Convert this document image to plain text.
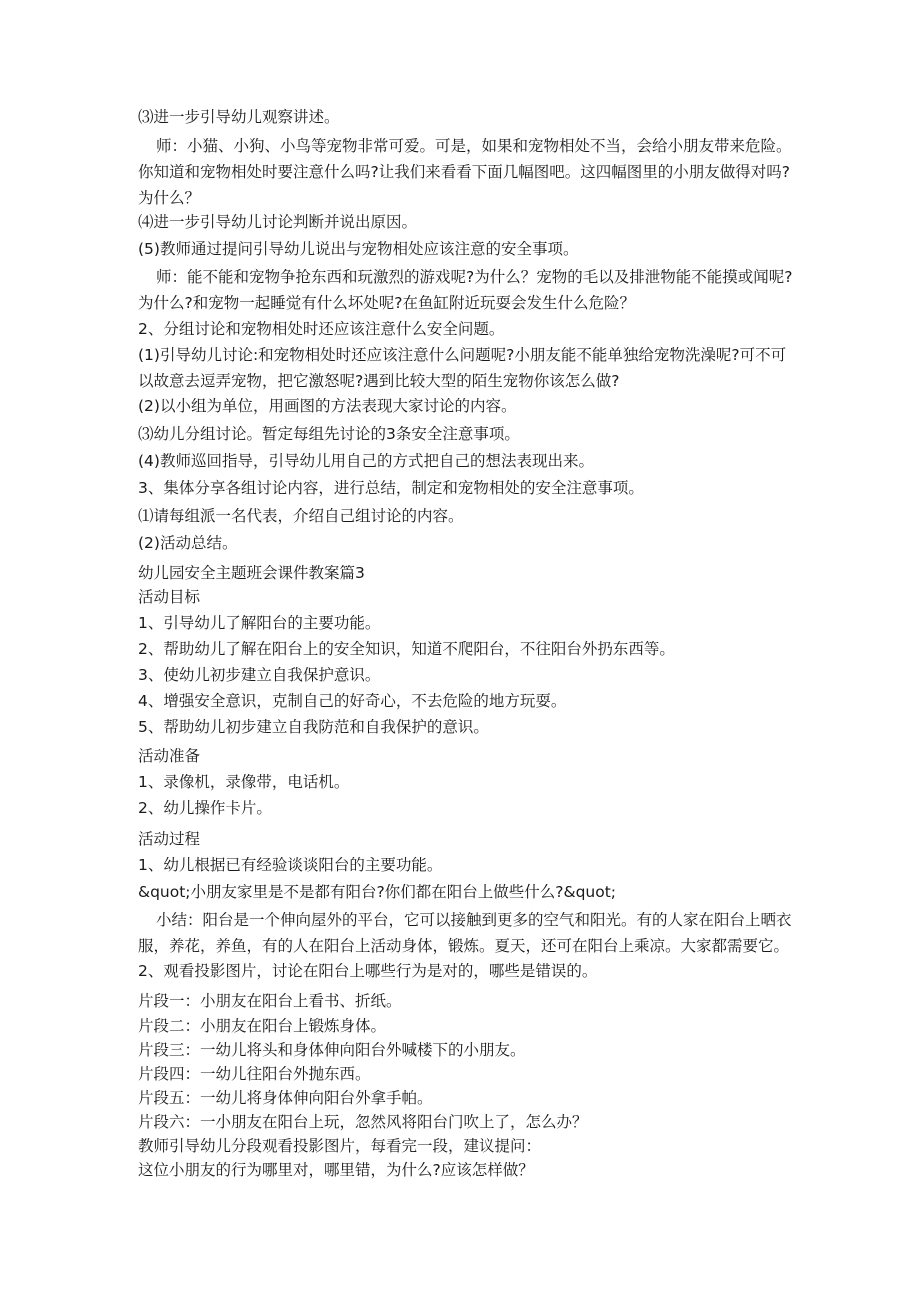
⑶进一步引导幼儿观察讲述。

师：小猫、小狗、小鸟等宠物非常可爱。可是，如果和宠物相处不当，会给小朋友带来危险。你知道和宠物相处时要注意什么吗?让我们来看看下面几幅图吧。这四幅图里的小朋友做得对吗?为什么？

⑷进一步引导幼儿讨论判断并说出原因。

(5)教师通过提问引导幼儿说出与宠物相处应该注意的安全事项。

师：能不能和宠物争抢东西和玩激烈的游戏呢?为什么？宠物的毛以及排泄物能不能摸或闻呢?为什么?和宠物一起睡觉有什么坏处呢?在鱼缸附近玩耍会发生什么危险？

2、分组讨论和宠物相处时还应该注意什么安全问题。

(1)引导幼儿讨论:和宠物相处时还应该注意什么问题呢?小朋友能不能单独给宠物洗澡呢?可不可以故意去逗弄宠物，把它激怒呢?遇到比较大型的陌生宠物你该怎么做?

(2)以小组为单位，用画图的方法表现大家讨论的内容。

⑶幼儿分组讨论。暂定每组先讨论的3条安全注意事项。

(4)教师巡回指导，引导幼儿用自己的方式把自己的想法表现出来。

3、集体分享各组讨论内容，进行总结，制定和宠物相处的安全注意事项。

⑴请每组派一名代表，介绍自己组讨论的内容。

(2)活动总结。

幼儿园安全主题班会课件教案篇3

活动目标

1、引导幼儿了解阳台的主要功能。

2、帮助幼儿了解在阳台上的安全知识，知道不爬阳台，不往阳台外扔东西等。

3、使幼儿初步建立自我保护意识。

4、增强安全意识，克制自己的好奇心，不去危险的地方玩耍。

5、帮助幼儿初步建立自我防范和自我保护的意识。

活动准备

1、录像机，录像带，电话机。

2、幼儿操作卡片。

活动过程

1、幼儿根据已有经验谈谈阳台的主要功能。

&quot;小朋友家里是不是都有阳台?你们都在阳台上做些什么?&quot;

小结：阳台是一个伸向屋外的平台，它可以接触到更多的空气和阳光。有的人家在阳台上晒衣服，养花，养鱼，有的人在阳台上活动身体，锻炼。夏天，还可在阳台上乘凉。大家都需要它。

2、观看投影图片，讨论在阳台上哪些行为是对的，哪些是错误的。

片段一：小朋友在阳台上看书、折纸。

片段二：小朋友在阳台上锻炼身体。

片段三：一幼儿将头和身体伸向阳台外喊楼下的小朋友。

片段四：一幼儿往阳台外抛东西。

片段五：一幼儿将身体伸向阳台外拿手帕。

片段六：一小朋友在阳台上玩，忽然风将阳台门吹上了，怎么办？

教师引导幼儿分段观看投影图片，每看完一段，建议提问：

这位小朋友的行为哪里对，哪里错，为什么?应该怎样做？
